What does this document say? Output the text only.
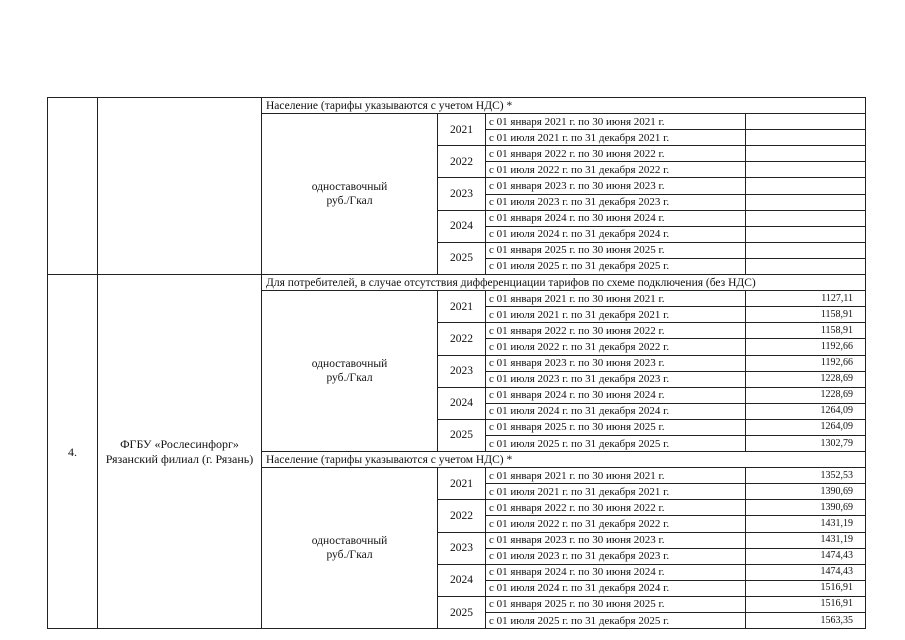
		Население (тарифы указываются с учетом НДС) *			

		одноставочный
руб./Гкал	2021	с 01 января 2021 г. по 30 июня 2021 г.	
				с 01 июля 2021 г. по 31 декабря 2021 г.	
			2022	с 01 января 2022 г. по 30 июня 2022 г.	
				с 01 июля 2022 г. по 31 декабря 2022 г.	
			2023	с 01 января 2023 г. по 30 июня 2023 г.	
				с 01 июля 2023 г. по 31 декабря 2023 г.	
			2024	с 01 января 2024 г. по 30 июня 2024 г.	
				с 01 июля 2024 г. по 31 декабря 2024 г.	
			2025	с 01 января 2025 г. по 30 июня 2025 г.	
				с 01 июля 2025 г. по 31 декабря 2025 г.	
4.	ФГБУ «Рослесинфорг» Рязанский филиал (г. Рязань)	Для потребителей, в случае отсутствия дифференциации тарифов по схеме подключения (без НДС)			

		одноставочный
руб./Гкал	2021	с 01 января 2021 г. по 30 июня 2021 г.	1127,11
				с 01 июля 2021 г. по 31 декабря 2021 г.	1158,91
			2022	с 01 января 2022 г. по 30 июня 2022 г.	1158,91
				с 01 июля 2022 г. по 31 декабря 2022 г.	1192,66
			2023	с 01 января 2023 г. по 30 июня 2023 г.	1192,66
				с 01 июля 2023 г. по 31 декабря 2023 г.	1228,69
			2024	с 01 января 2024 г. по 30 июня 2024 г.	1228,69
				с 01 июля 2024 г. по 31 декабря 2024 г.	1264,09
			2025	с 01 января 2025 г. по 30 июня 2025 г.	1264,09
				с 01 июля 2025 г. по 31 декабря 2025 г.	1302,79
		Население (тарифы указываются с учетом НДС) *			

		одноставочный
руб./Гкал	2021	с 01 января 2021 г. по 30 июня 2021 г.	1352,53
				с 01 июля 2021 г. по 31 декабря 2021 г.	1390,69
			2022	с 01 января 2022 г. по 30 июня 2022 г.	1390,69
				с 01 июля 2022 г. по 31 декабря 2022 г.	1431,19
			2023	с 01 января 2023 г. по 30 июня 2023 г.	1431,19
				с 01 июля 2023 г. по 31 декабря 2023 г.	1474,43
			2024	с 01 января 2024 г. по 30 июня 2024 г.	1474,43
				с 01 июля 2024 г. по 31 декабря 2024 г.	1516,91
			2025	с 01 января 2025 г. по 30 июня 2025 г.	1516,91
				с 01 июля 2025 г. по 31 декабря 2025 г.	1563,35
